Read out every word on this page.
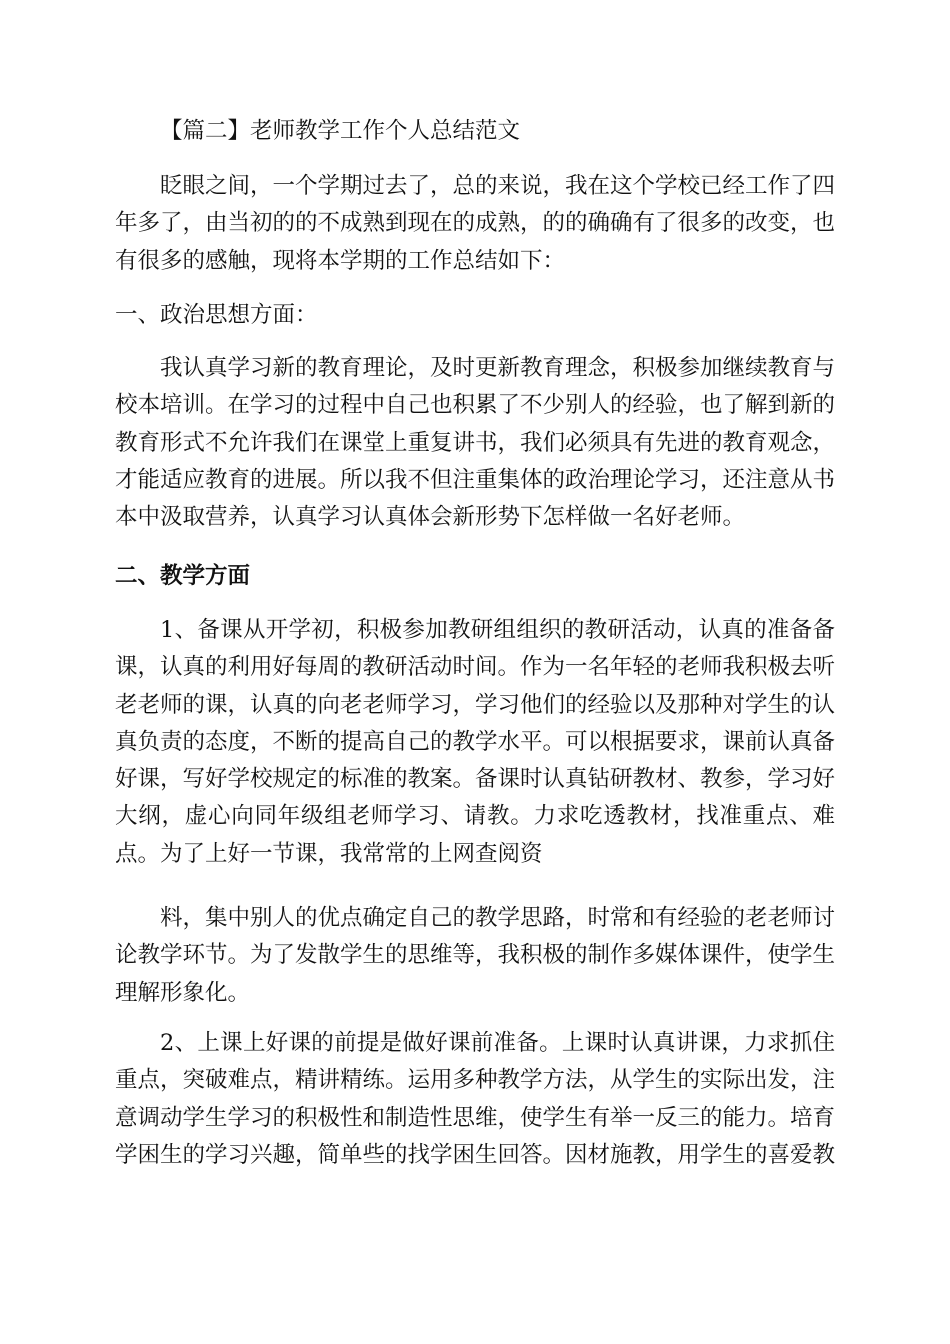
【篇二】老师教学工作个人总结范文

眨眼之间，一个学期过去了，总的来说，我在这个学校已经工作了四年多了，由当初的的不成熟到现在的成熟，的的确确有了很多的改变，也有很多的感触，现将本学期的工作总结如下：

一、政治思想方面：

我认真学习新的教育理论，及时更新教育理念，积极参加继续教育与校本培训。在学习的过程中自己也积累了不少别人的经验，也了解到新的教育形式不允许我们在课堂上重复讲书，我们必须具有先进的教育观念，才能适应教育的进展。所以我不但注重集体的政治理论学习，还注意从书本中汲取营养，认真学习认真体会新形势下怎样做一名好老师。

二、教学方面

1、备课从开学初，积极参加教研组组织的教研活动，认真的准备备课，认真的利用好每周的教研活动时间。作为一名年轻的老师我积极去听老老师的课，认真的向老老师学习，学习他们的经验以及那种对学生的认真负责的态度，不断的提高自己的教学水平。可以根据要求，课前认真备好课，写好学校规定的标准的教案。备课时认真钻研教材、教参，学习好大纲，虚心向同年级组老师学习、请教。力求吃透教材，找准重点、难点。为了上好一节课，我常常的上网查阅资

料，集中别人的优点确定自己的教学思路，时常和有经验的老老师讨论教学环节。为了发散学生的思维等，我积极的制作多媒体课件，使学生理解形象化。

2、上课上好课的前提是做好课前准备。上课时认真讲课，力求抓住重点，突破难点，精讲精练。运用多种教学方法，从学生的实际出发，注意调动学生学习的积极性和制造性思维，使学生有举一反三的能力。培育学困生的学习兴趣，简单些的找学困生回答。因材施教，用学生的喜爱教
